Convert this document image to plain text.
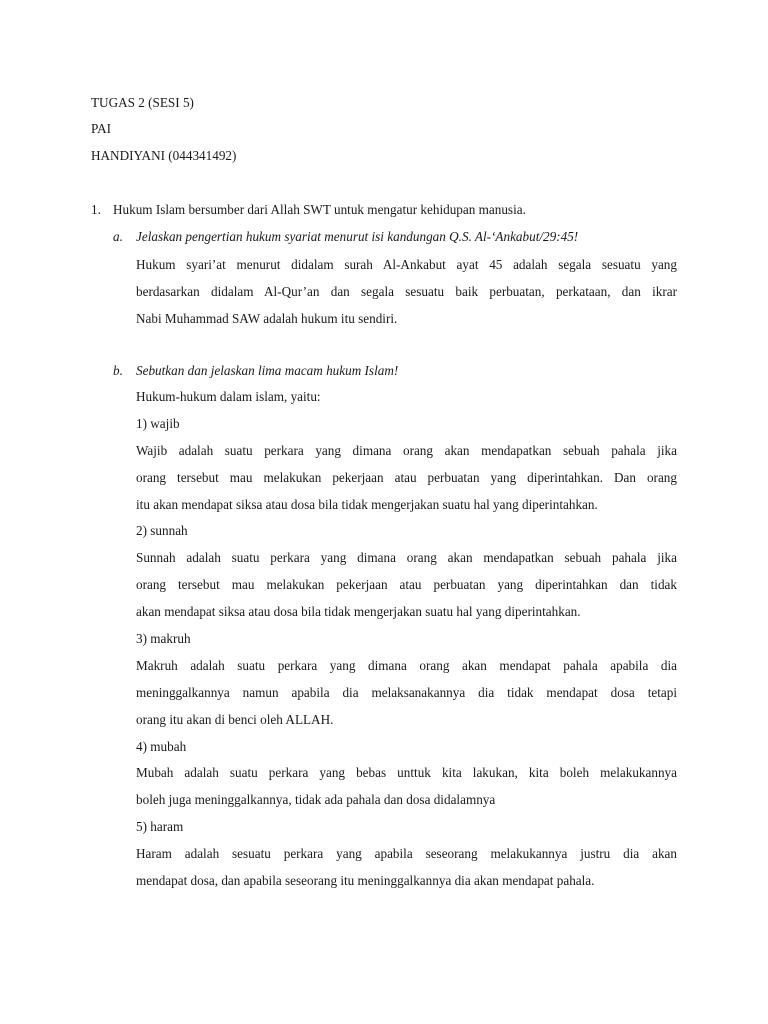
TUGAS 2 (SESI 5)
PAI
HANDIYANI (044341492)
1. Hukum Islam bersumber dari Allah SWT untuk mengatur kehidupan manusia.
a. Jelaskan pengertian hukum syariat menurut isi kandungan Q.S. Al-‘Ankabut/29:45!
Hukum syari’at menurut didalam surah Al-Ankabut ayat 45 adalah segala sesuatu yang
berdasarkan didalam Al-Qur’an dan segala sesuatu baik perbuatan, perkataan, dan ikrar
Nabi Muhammad SAW adalah hukum itu sendiri.
b. Sebutkan dan jelaskan lima macam hukum Islam!
Hukum-hukum dalam islam, yaitu:
1) wajib
Wajib adalah suatu perkara yang dimana orang akan mendapatkan sebuah pahala jika
orang tersebut mau melakukan pekerjaan atau perbuatan yang diperintahkan. Dan orang
itu akan mendapat siksa atau dosa bila tidak mengerjakan suatu hal yang diperintahkan.
2) sunnah
Sunnah adalah suatu perkara yang dimana orang akan mendapatkan sebuah pahala jika
orang tersebut mau melakukan pekerjaan atau perbuatan yang diperintahkan dan tidak
akan mendapat siksa atau dosa bila tidak mengerjakan suatu hal yang diperintahkan.
3) makruh
Makruh adalah suatu perkara yang dimana orang akan mendapat pahala apabila dia
meninggalkannya namun apabila dia melaksanakannya dia tidak mendapat dosa tetapi
orang itu akan di benci oleh ALLAH.
4) mubah
Mubah adalah suatu perkara yang bebas unttuk kita lakukan, kita boleh melakukannya
boleh juga meninggalkannya, tidak ada pahala dan dosa didalamnya
5) haram
Haram adalah sesuatu perkara yang apabila seseorang melakukannya justru dia akan
mendapat dosa, dan apabila seseorang itu meninggalkannya dia akan mendapat pahala.
